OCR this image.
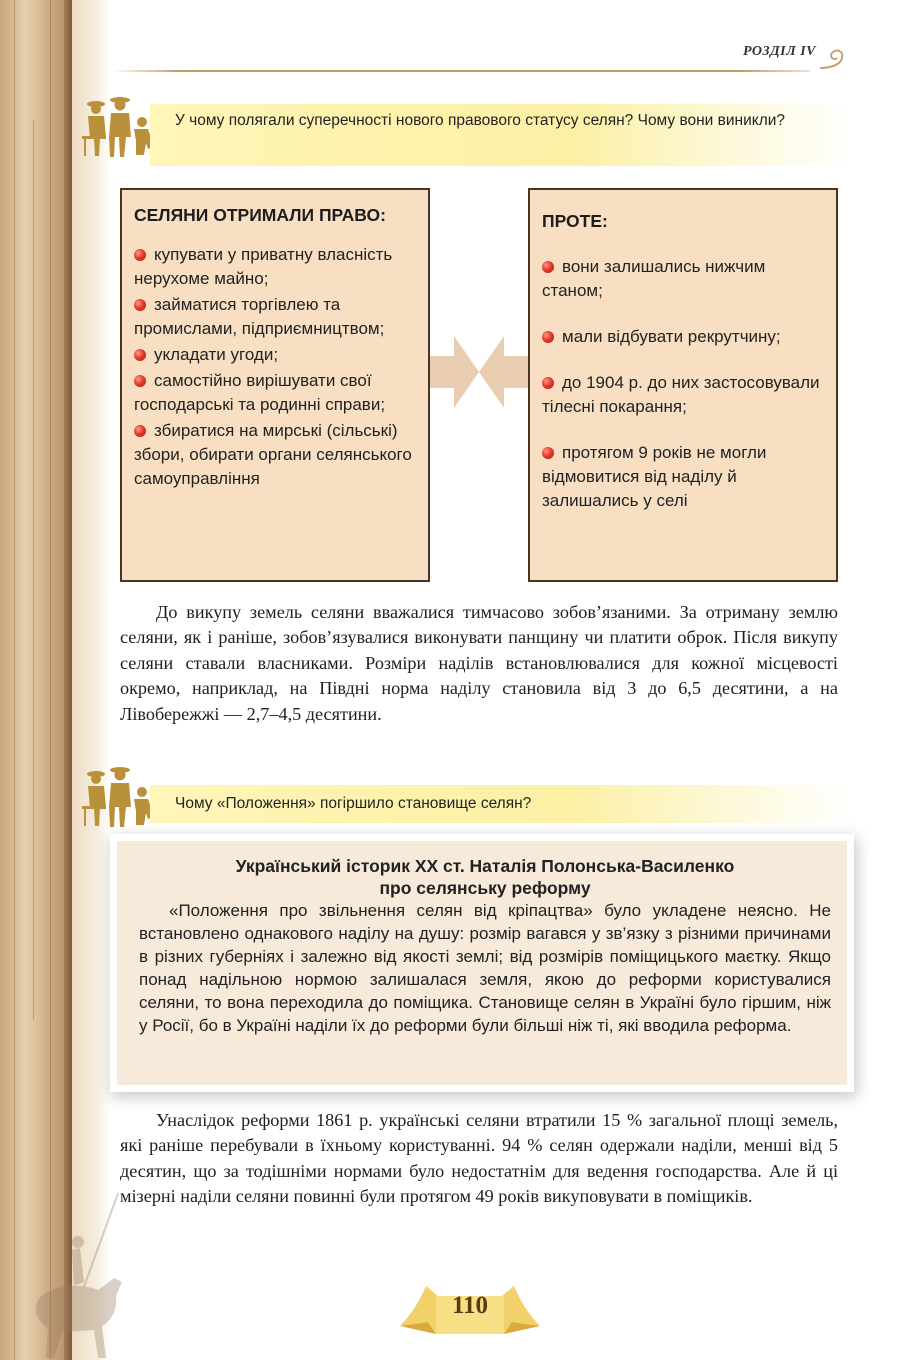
РОЗДІЛ IV
У чому полягали суперечності нового правового статусу селян? Чому вони виникли?
СЕЛЯНИ ОТРИМАЛИ ПРАВО:
купувати у приватну власність нерухоме майно;
займатися торгівлею та промислами, підприємництвом;
укладати угоди;
самостійно вирішувати свої господарські та родинні справи;
збиратися на мирські (сільські) збори, обирати органи селянського самоуправління
ПРОТЕ:
вони залишались нижчим станом;
мали відбувати рекрутчину;
до 1904 р. до них застосовували тілесні покарання;
протягом 9 років не могли відмовитися від наділу й залишались у селі
До викупу земель селяни вважалися тимчасово зобов’язаними. За отриману землю селяни, як і раніше, зобов’язувалися виконувати панщину чи платити оброк. Після викупу селяни ставали власниками. Розміри наділів встановлювалися для кожної місцевості окремо, наприклад, на Півдні норма наділу становила від 3 до 6,5 десятини, а на Лівобережжі — 2,7–4,5 десятини.
Чому «Положення» погіршило становище селян?
Український історик XX ст. Наталія Полонська-Василенко
про селянську реформу
«Положення про звільнення селян від кріпацтва» було укладене неясно. Не встановлено однакового наділу на душу: розмір вагався у зв’язку з різними причинами в різних губерніях і залежно від якості землі; від розмірів поміщицького маєтку. Якщо понад надільною нормою залишалася земля, якою до реформи користувалися селяни, то вона переходила до поміщика. Становище селян в Україні було гіршим, ніж у Росії, бо в Україні наділи їх до реформи були більші ніж ті, які вводила реформа.
Унаслідок реформи 1861 р. українські селяни втратили 15 % загальної площі земель, які раніше перебували в їхньому користуванні. 94 % селян одержали наділи, менші від 5 десятин, що за тодішніми нормами було недостатнім для ведення господарства. Але й ці мізерні наділи селяни повинні були протягом 49 років викуповувати в поміщиків.
110
